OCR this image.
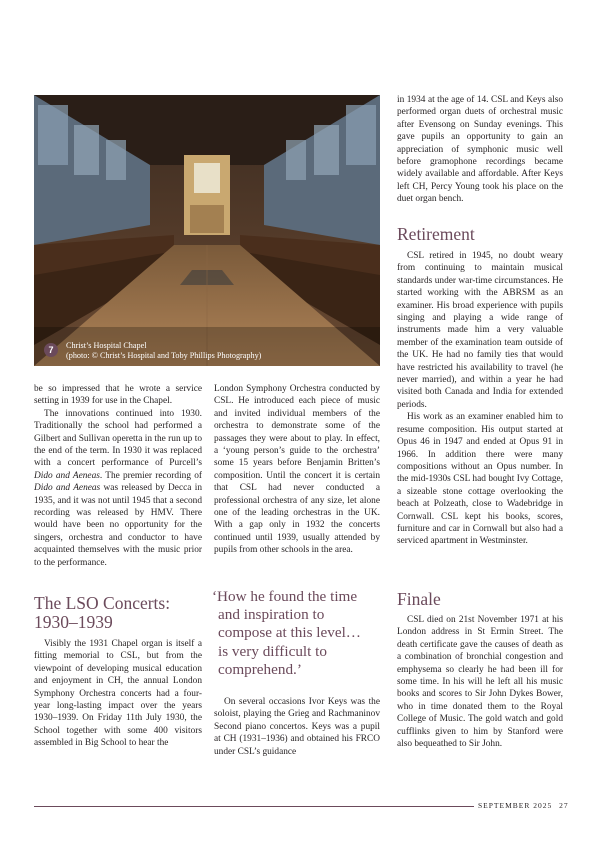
7	Christ’s Hospital Chapel
(photo: © Christ’s Hospital and Toby Phillips Photography)

be so impressed that he wrote a service setting in 1939 for use in the Chapel.

The innovations continued into 1930. Traditionally the school had performed a Gilbert and Sullivan operetta in the run up to the end of the term. In 1930 it was replaced with a concert performance of Purcell’s Dido and Aeneas. The premier recording of Dido and Aeneas was released by Decca in 1935, and it was not until 1945 that a second recording was released by HMV. There would have been no opportunity for the singers, orchestra and conductor to have acquainted themselves with the music prior to the performance.

The LSO Concerts: 1930–1939

Visibly the 1931 Chapel organ is itself a fitting memorial to CSL, but from the viewpoint of developing musical education and enjoyment in CH, the annual London Symphony Orchestra concerts had a four-year long-lasting impact over the years 1930–1939. On Friday 11th July 1930, the School together with some 400 visitors assembled in Big School to hear the

London Symphony Orchestra conducted by CSL. He introduced each piece of music and invited individual members of the orchestra to demonstrate some of the passages they were about to play. In effect, a ‘young person’s guide to the orchestra’ some 15 years before Benjamin Britten’s composition. Until the concert it is certain that CSL had never conducted a professional orchestra of any size, let alone one of the leading orchestras in the UK. With a gap only in 1932 the concerts continued until 1939, usually attended by pupils from other schools in the area.

‘How he found the time
and inspiration to
compose at this level…
is very difficult to
comprehend.’

On several occasions Ivor Keys was the soloist, playing the Grieg and Rachmaninov Second piano concertos. Keys was a pupil at CH (1931–1936) and obtained his FRCO under CSL’s guidance

in 1934 at the age of 14. CSL and Keys also performed organ duets of orchestral music after Evensong on Sunday evenings. This gave pupils an opportunity to gain an appreciation of symphonic music well before gramophone recordings became widely available and affordable. After Keys left CH, Percy Young took his place on the duet organ bench.

Retirement

CSL retired in 1945, no doubt weary from continuing to maintain musical standards under war-time circumstances. He started working with the ABRSM as an examiner. His broad experience with pupils singing and playing a wide range of instruments made him a very valuable member of the examination team outside of the UK. He had no family ties that would have restricted his availability to travel (he never married), and within a year he had visited both Canada and India for extended periods.

His work as an examiner enabled him to resume composition. His output started at Opus 46 in 1947 and ended at Opus 91 in 1966. In addition there were many compositions without an Opus number. In the mid-1930s CSL had bought Ivy Cottage, a sizeable stone cottage overlooking the beach at Polzeath, close to Wadebridge in Cornwall. CSL kept his books, scores, furniture and car in Cornwall but also had a serviced apartment in Westminster.

Finale

CSL died on 21st November 1971 at his London address in St Ermin Street. The death certificate gave the causes of death as a combination of bronchial congestion and emphysema so clearly he had been ill for some time. In his will he left all his music books and scores to Sir John Dykes Bower, who in time donated them to the Royal College of Music. The gold watch and gold cufflinks given to him by Stanford were also bequeathed to Sir John.

SEPTEMBER 2025 27
